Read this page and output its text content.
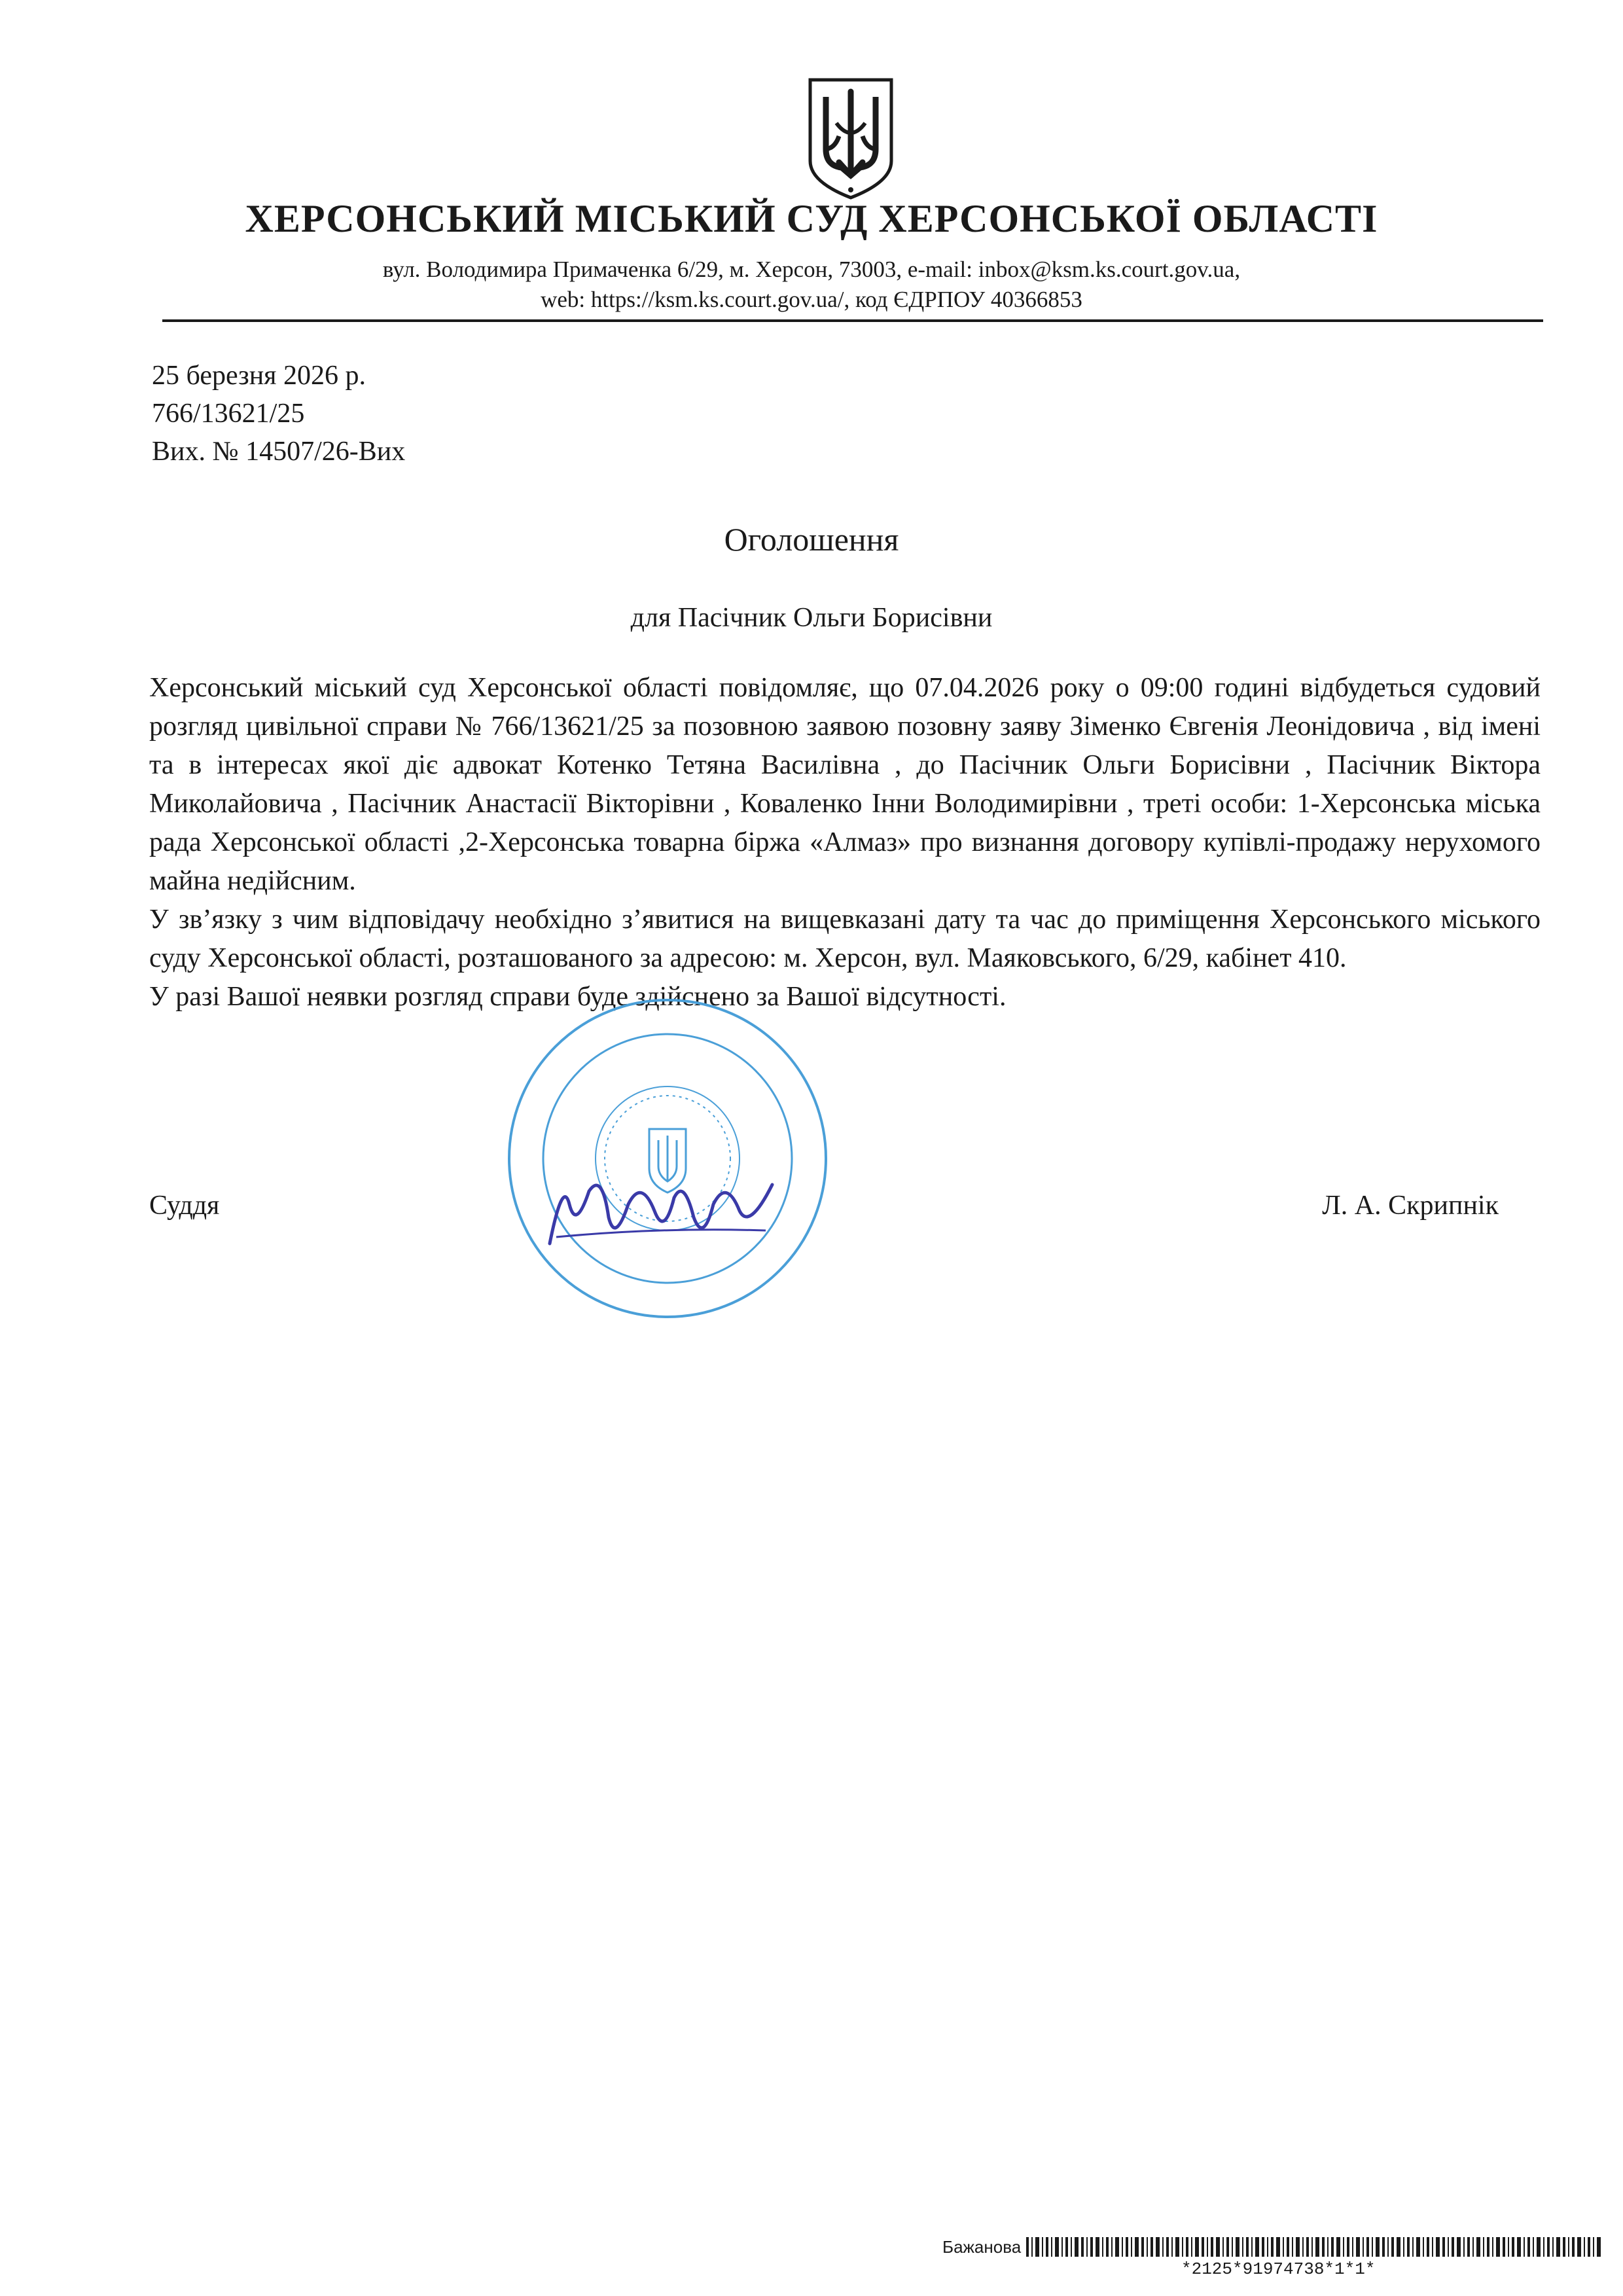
ХЕРСОНСЬКИЙ МІСЬКИЙ СУД ХЕРСОНСЬКОЇ ОБЛАСТІ
вул. Володимира Примаченка 6/29, м. Херсон, 73003, e-mail: inbox@ksm.ks.court.gov.ua,
web: https://ksm.ks.court.gov.ua/, код ЄДРПОУ 40366853
25 березня 2026 р.
766/13621/25
Вих. № 14507/26-Вих
Оголошення
для Пасічник Ольги Борисівни

Херсонський міський суд Херсонської області повідомляє, що 07.04.2026 року о 09:00 годині відбудеться судовий розгляд цивільної справи № 766/13621/25 за позовною заявою позовну заяву Зіменко Євгенія Леонідовича , від імені та в інтересах якої діє адвокат Котенко Тетяна Василівна , до Пасічник Ольги Борисівни , Пасічник Віктора Миколайовича , Пасічник Анастасії Вікторівни , Коваленко Інни Володимирівни , треті особи: 1-Херсонська міська рада Херсонської області ,2-Херсонська товарна біржа «Алмаз» про визнання договору купівлі-продажу нерухомого майна недійсним.

У зв’язку з чим відповідачу необхідно з’явитися на вищевказані дату та час до приміщення Херсонського міського суду Херсонської області, розташованого за адресою: м. Херсон, вул. Маяковського, 6/29, кабінет 410.

У разі Вашої неявки розгляд справи буде здійснено за Вашої відсутності.

Суддя	Л. А. Скрипнік
Бажанова
*2125*91974738*1*1*
